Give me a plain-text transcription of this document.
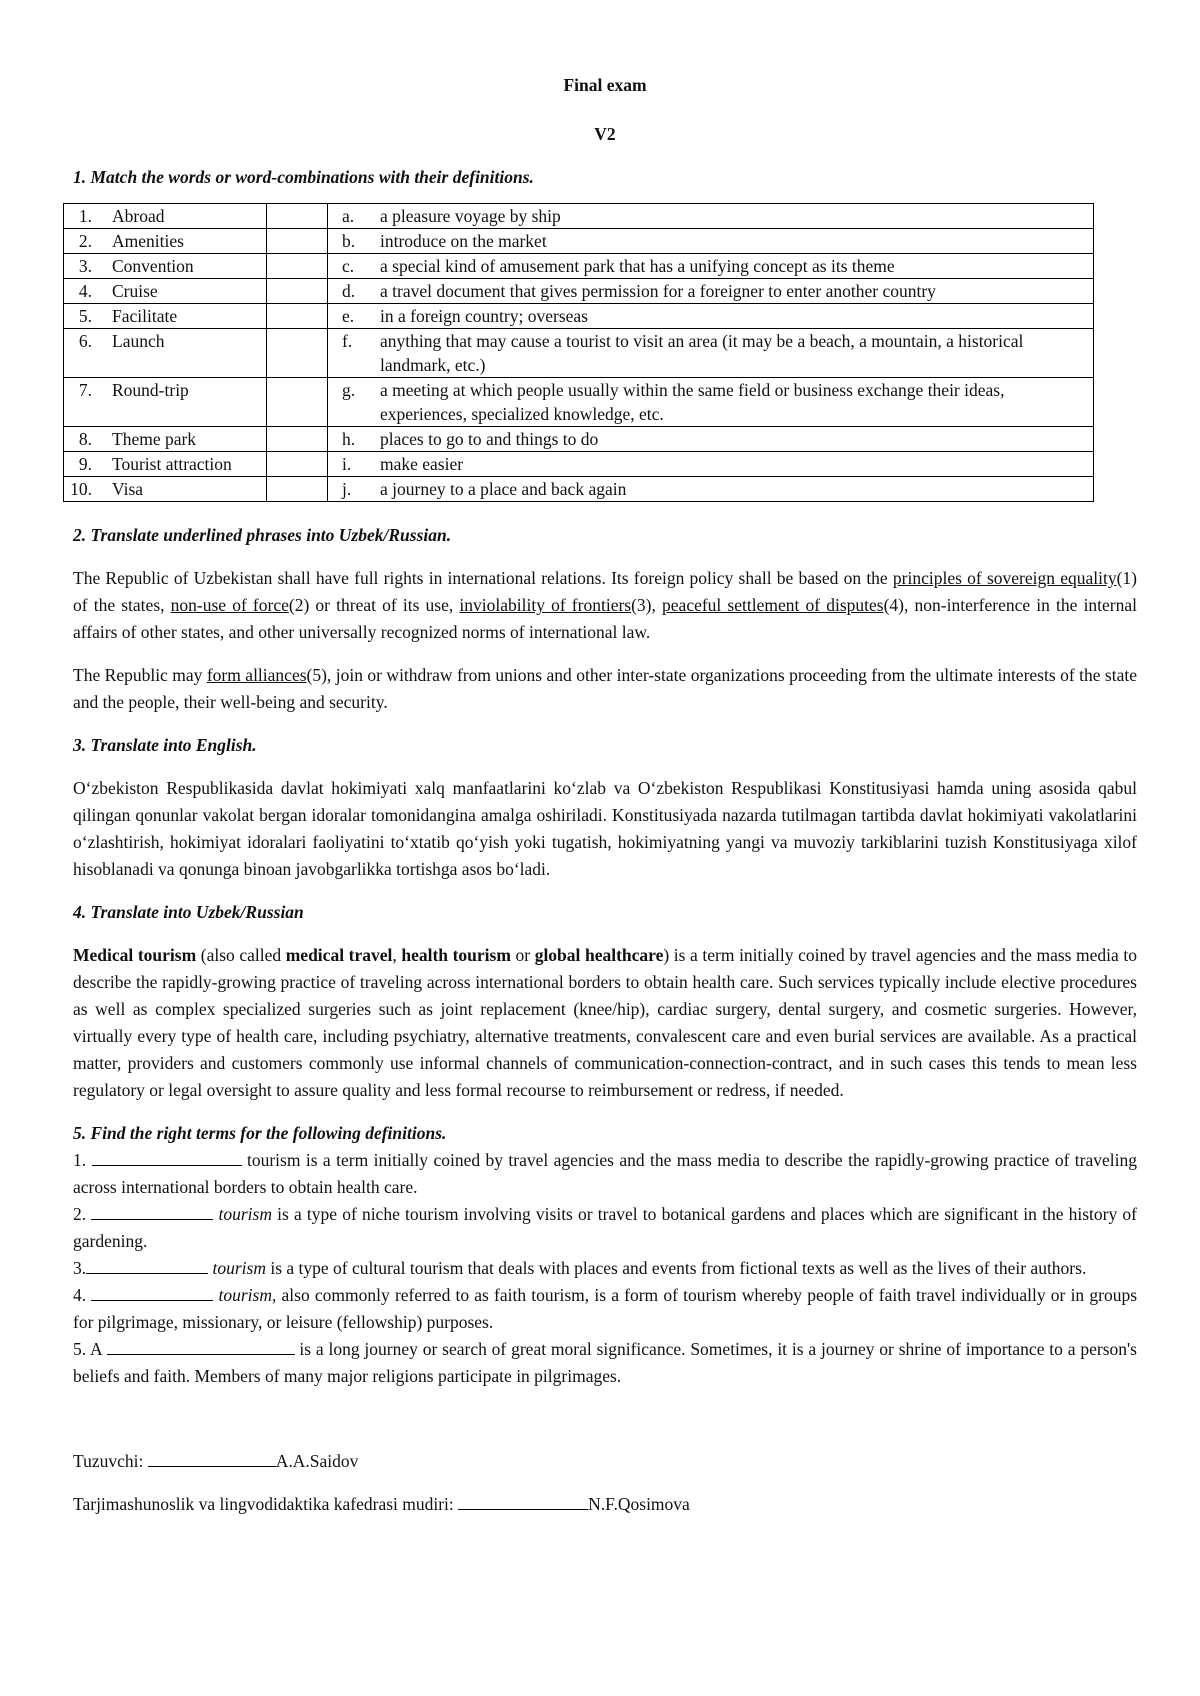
Final exam

V2

1. Match the words or word-combinations with their definitions.

1.	Abroad		a.	a pleasure voyage by ship
2.	Amenities		b.	introduce on the market
3.	Convention		c.	a special kind of amusement park that has a unifying concept as its theme
4.	Cruise		d.	a travel document that gives permission for a foreigner to enter another country
5.	Facilitate		e.	in a foreign country; overseas
6.	Launch		f.	anything that may cause a tourist to visit an area (it may be a beach, a mountain, a historical landmark, etc.)
7.	Round-trip		g.	a meeting at which people usually within the same field or business exchange their ideas, experiences, specialized knowledge, etc.
8.	Theme park		h.	places to go to and things to do
9.	Tourist attraction		i.	make easier
10.	Visa		j.	a journey to a place and back again

2. Translate underlined phrases into Uzbek/Russian.

The Republic of Uzbekistan shall have full rights in international relations. Its foreign policy shall be based on the principles of sovereign equality(1) of the states, non-use of force(2) or threat of its use, inviolability of frontiers(3), peaceful settlement of disputes(4), non-interference in the internal affairs of other states, and other universally recognized norms of international law.

The Republic may form alliances(5), join or withdraw from unions and other inter-state organizations proceeding from the ultimate interests of the state and the people, their well-being and security.

3. Translate into English.

O‘zbekiston Respublikasida davlat hokimiyati xalq manfaatlarini ko‘zlab va O‘zbekiston Respublikasi Konstitusiyasi hamda uning asosida qabul qilingan qonunlar vakolat bergan idoralar tomonidangina amalga oshiriladi. Konstitusiyada nazarda tutilmagan tartibda davlat hokimiyati vakolatlarini o‘zlashtirish, hokimiyat idoralari faoliyatini to‘xtatib qo‘yish yoki tugatish, hokimiyatning yangi va muvoziy tarkiblarini tuzish Konstitusiyaga xilof hisoblanadi va qonunga binoan javobgarlikka tortishga asos bo‘ladi.

4. Translate into Uzbek/Russian

Medical tourism (also called medical travel, health tourism or global healthcare) is a term initially coined by travel agencies and the mass media to describe the rapidly-growing practice of traveling across international borders to obtain health care. Such services typically include elective procedures as well as complex specialized surgeries such as joint replacement (knee/hip), cardiac surgery, dental surgery, and cosmetic surgeries. However, virtually every type of health care, including psychiatry, alternative treatments, convalescent care and even burial services are available. As a practical matter, providers and customers commonly use informal channels of communication-connection-contract, and in such cases this tends to mean less regulatory or legal oversight to assure quality and less formal recourse to reimbursement or redress, if needed.

5. Find the right terms for the following definitions.

1.	tourism is a term initially coined by travel agencies and the mass media to describe the rapidly-growing practice of traveling across international borders to obtain health care.

2.	tourism is a type of niche tourism involving visits or travel to botanical gardens and places which are significant in the history of gardening.

3.	tourism is a type of cultural tourism that deals with places and events from fictional texts as well as the lives of their authors.

4.	tourism, also commonly referred to as faith tourism, is a form of tourism whereby people of faith travel individually or in groups for pilgrimage, missionary, or leisure (fellowship) purposes.

5. A	is a long journey or search of great moral significance. Sometimes, it is a journey or shrine of importance to a person's beliefs and faith. Members of many major religions participate in pilgrimages.

Tuzuvchi:	A.A.Saidov

Tarjimashunoslik va lingvodidaktika kafedrasi mudiri:	N.F.Qosimova
